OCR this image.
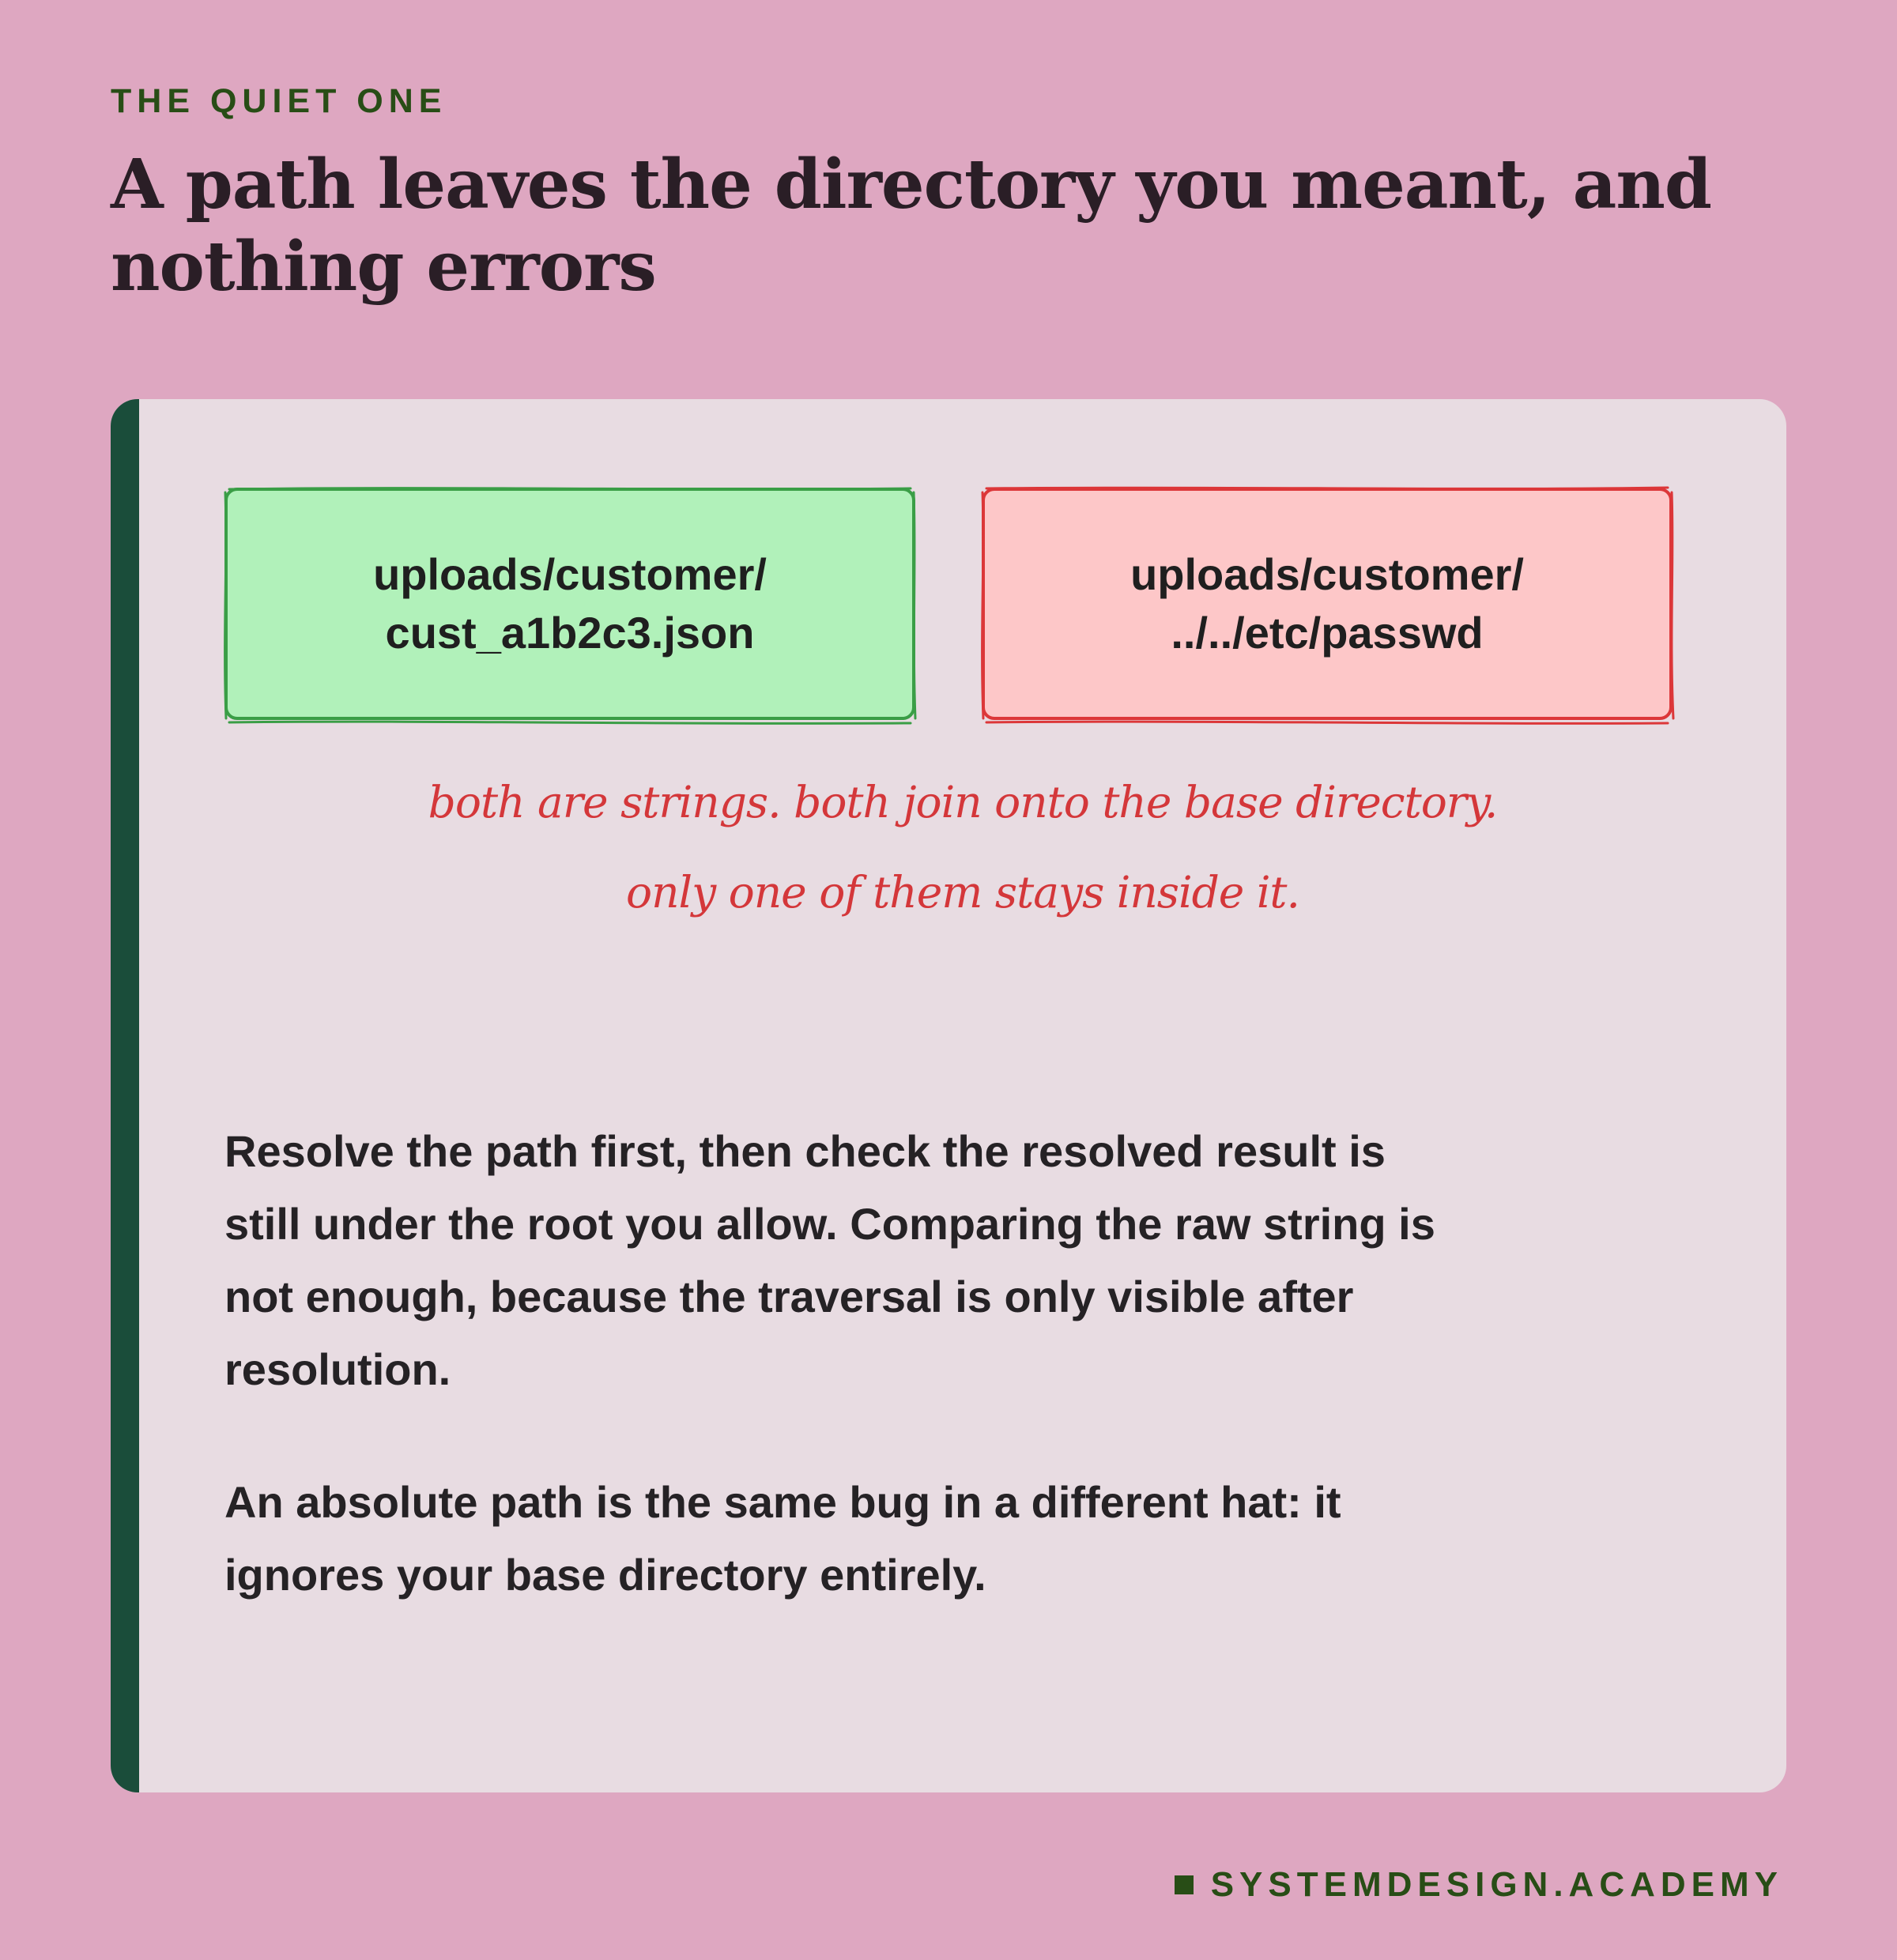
THE QUIET ONE
A path leaves the directory you meant, and nothing errors
uploads/customer/
cust_a1b2c3.json
uploads/customer/
../../etc/passwd
both are strings. both join onto the base directory.
only one of them stays inside it.
Resolve the path first, then check the resolved result is still under the root you allow. Comparing the raw string is not enough, because the traversal is only visible after resolution.
An absolute path is the same bug in a different hat: it ignores your base directory entirely.
SYSTEMDESIGN.ACADEMY
